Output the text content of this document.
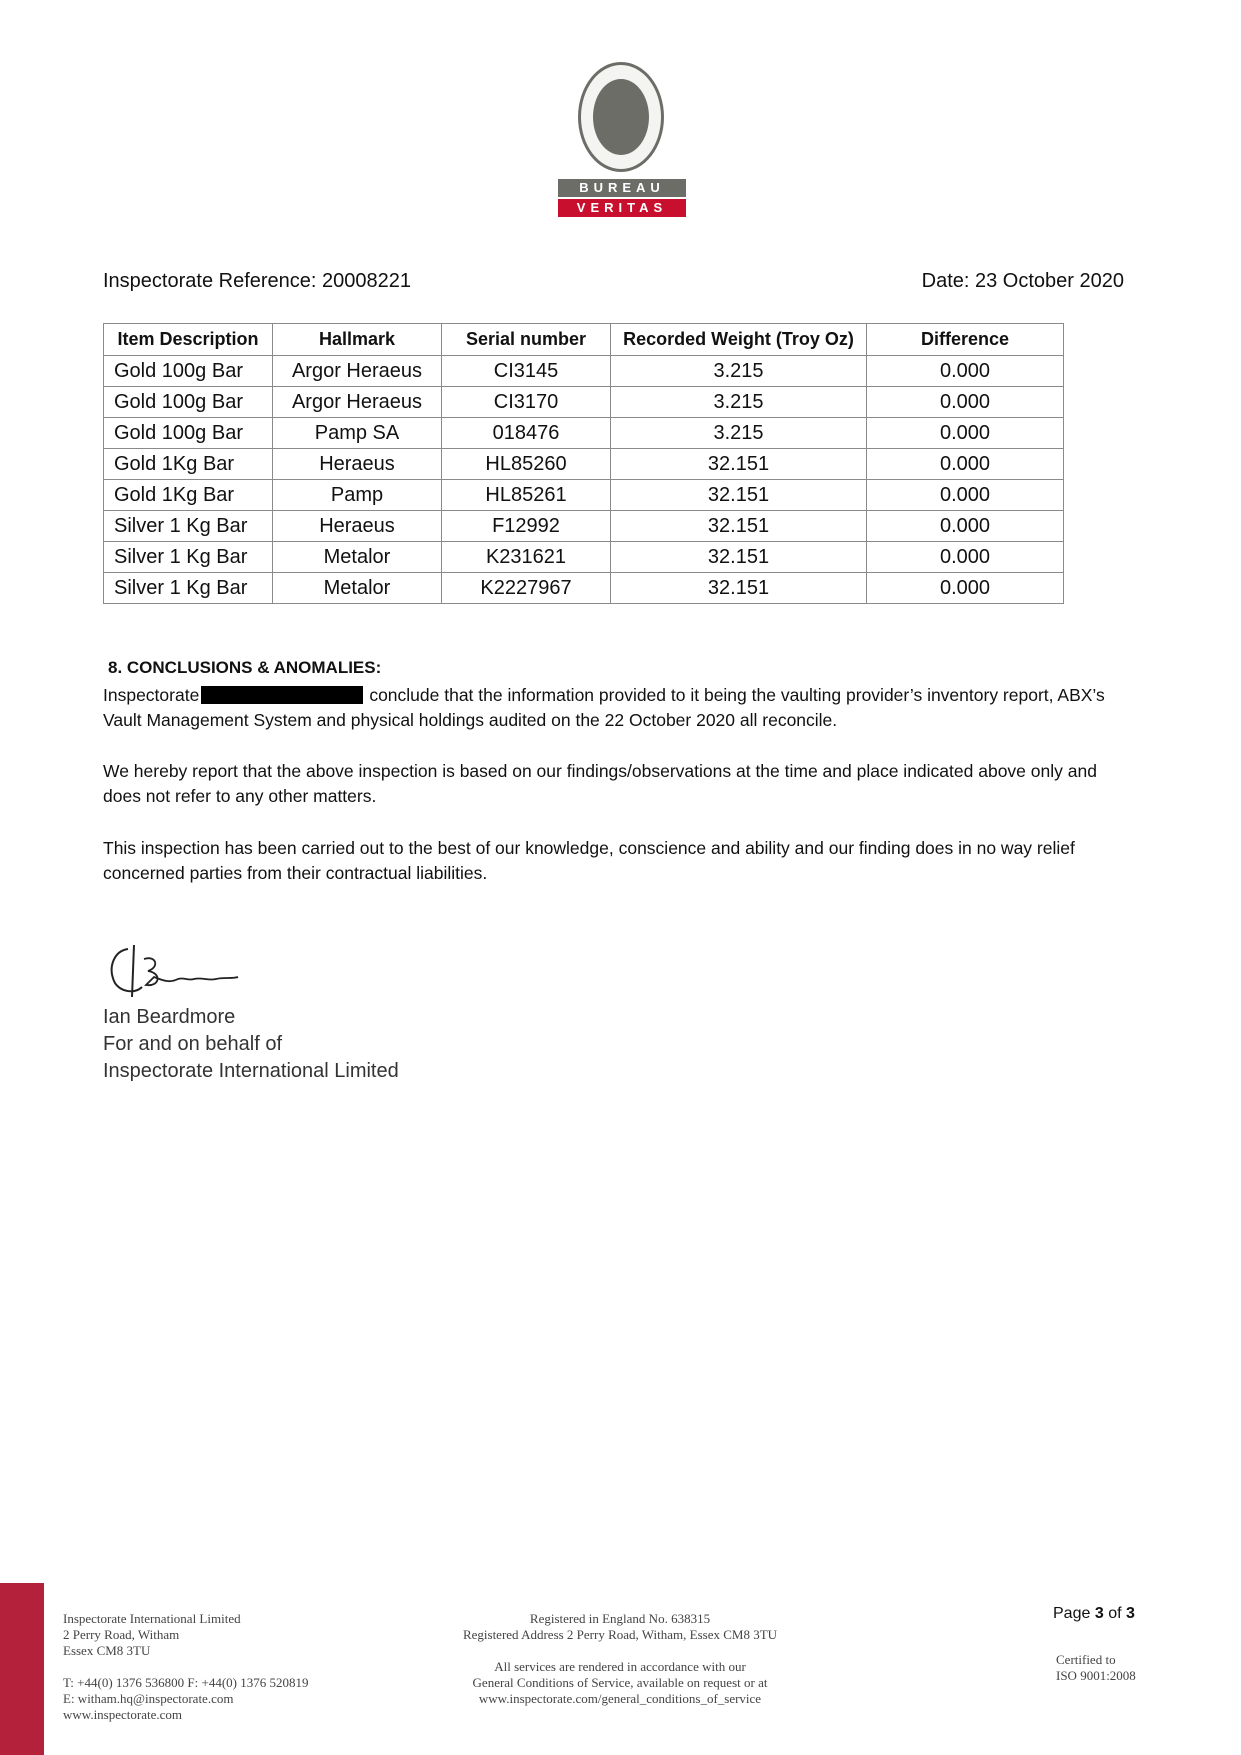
BUREAU
VERITAS
Inspectorate Reference: 20008221	Date: 23 October 2020
Item Description	Hallmark	Serial number	Recorded Weight (Troy Oz)	Difference
Gold 100g Bar	Argor Heraeus	CI3145	3.215	0.000
Gold 100g Bar	Argor Heraeus	CI3170	3.215	0.000
Gold 100g Bar	Pamp SA	018476	3.215	0.000
Gold 1Kg Bar	Heraeus	HL85260	32.151	0.000
Gold 1Kg Bar	Pamp	HL85261	32.151	0.000
Silver 1 Kg Bar	Heraeus	F12992	32.151	0.000
Silver 1 Kg Bar	Metalor	K231621	32.151	0.000
Silver 1 Kg Bar	Metalor	K2227967	32.151	0.000
8. CONCLUSIONS & ANOMALIES:
Inspectorate	conclude that the information provided to it being the vaulting provider’s inventory report, ABX’s Vault Management System and physical holdings audited on the 22 October 2020 all reconcile.
We hereby report that the above inspection is based on our findings/observations at the time and place indicated above only and does not refer to any other matters.
This inspection has been carried out to the best of our knowledge, conscience and ability and our finding does in no way relief concerned parties from their contractual liabilities.
Ian Beardmore
For and on behalf of
Inspectorate International Limited
Inspectorate International Limited
2 Perry Road, Witham
Essex CM8 3TU
T: +44(0) 1376 536800 F: +44(0) 1376 520819
E: witham.hq@inspectorate.com
www.inspectorate.com
Registered in England No. 638315
Registered Address 2 Perry Road, Witham, Essex CM8 3TU
All services are rendered in accordance with our
General Conditions of Service, available on request or at
www.inspectorate.com/general_conditions_of_service
Page 3 of 3
Certified to
ISO 9001:2008
